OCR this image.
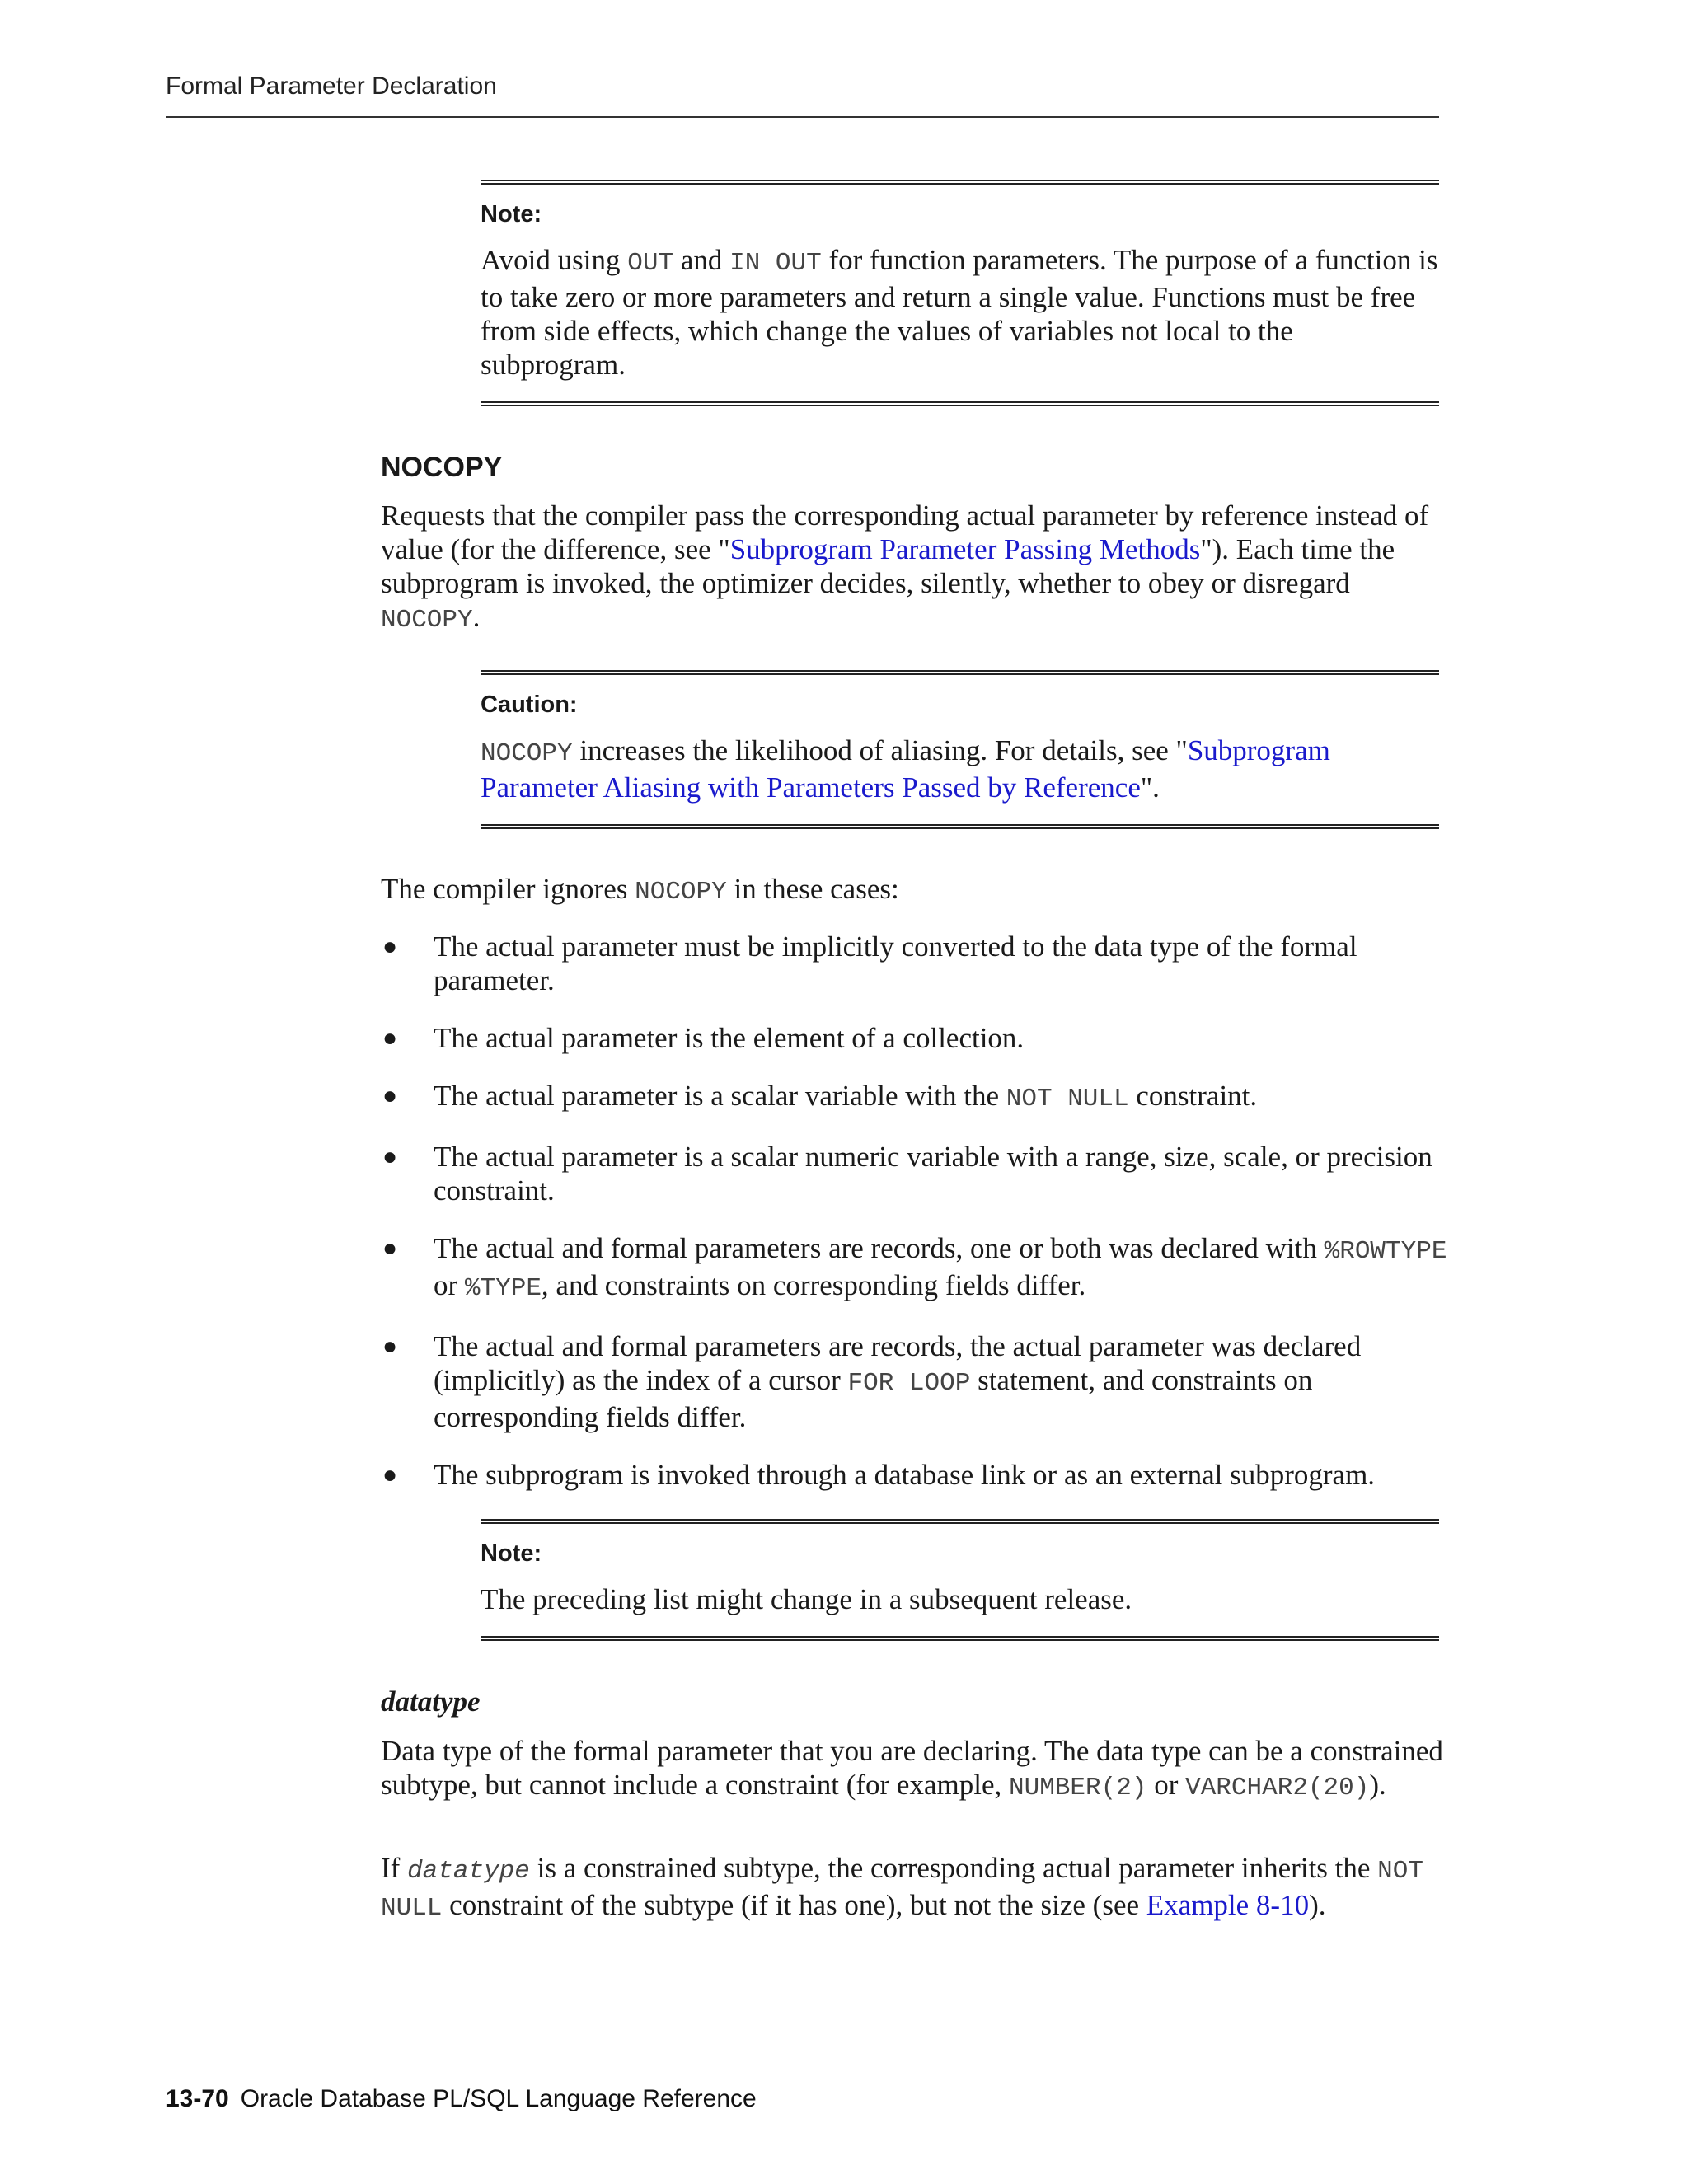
Formal Parameter Declaration

Note:

Avoid using OUT and IN OUT for function parameters. The purpose of a function is to take zero or more parameters and return a single value. Functions must be free from side effects, which change the values of variables not local to the subprogram.

NOCOPY

Requests that the compiler pass the corresponding actual parameter by reference instead of value (for the difference, see "Subprogram Parameter Passing Methods"). Each time the subprogram is invoked, the optimizer decides, silently, whether to obey or disregard NOCOPY.

Caution:

NOCOPY increases the likelihood of aliasing. For details, see "Subprogram Parameter Aliasing with Parameters Passed by Reference".

The compiler ignores NOCOPY in these cases:

● The actual parameter must be implicitly converted to the data type of the formal parameter.
● The actual parameter is the element of a collection.
● The actual parameter is a scalar variable with the NOT NULL constraint.
● The actual parameter is a scalar numeric variable with a range, size, scale, or precision constraint.
● The actual and formal parameters are records, one or both was declared with %ROWTYPE or %TYPE, and constraints on corresponding fields differ.
● The actual and formal parameters are records, the actual parameter was declared (implicitly) as the index of a cursor FOR LOOP statement, and constraints on corresponding fields differ.
● The subprogram is invoked through a database link or as an external subprogram.

Note:

The preceding list might change in a subsequent release.

datatype

Data type of the formal parameter that you are declaring. The data type can be a constrained subtype, but cannot include a constraint (for example, NUMBER(2) or VARCHAR2(20)).

If datatype is a constrained subtype, the corresponding actual parameter inherits the NOT NULL constraint of the subtype (if it has one), but not the size (see Example 8-10).

13-70 Oracle Database PL/SQL Language Reference
